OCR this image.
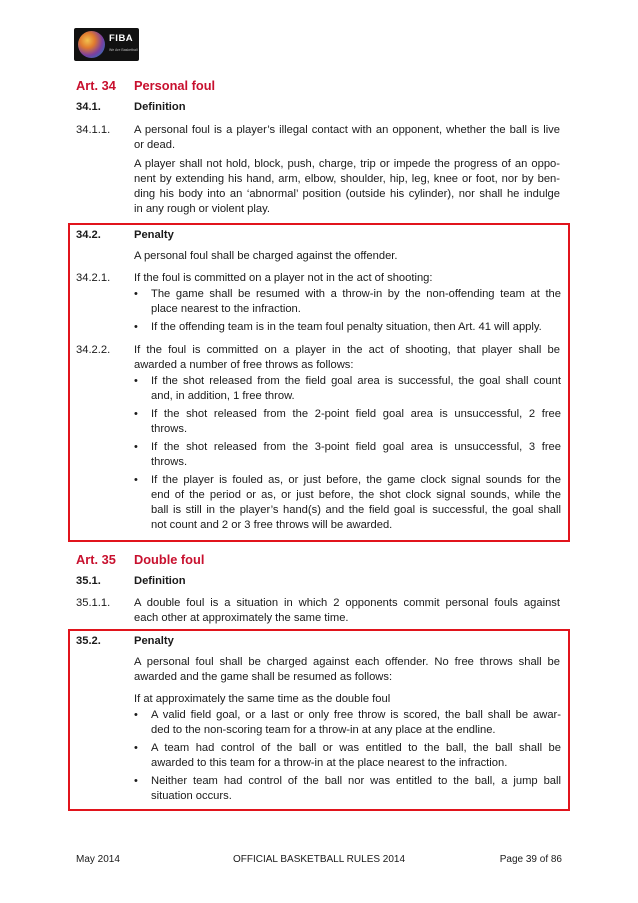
FIBA
We Are Basketball
Art. 34 Personal foul
34.1.	Definition
34.1.1. A personal foul is a player’s illegal contact with an opponent, whether the ball is live
or dead.
A player shall not hold, block, push, charge, trip or impede the progress of an oppo-
nent by extending his hand, arm, elbow, shoulder, hip, leg, knee or foot, nor by ben-
ding his body into an ‘abnormal’ position (outside his cylinder), nor shall he indulge
in any rough or violent play.
34.2.	Penalty
A personal foul shall be charged against the offender.
34.2.1. If the foul is committed on a player not in the act of shooting:
• The game shall be resumed with a throw-in by the non-offending team at the
place nearest to the infraction.
• If the offending team is in the team foul penalty situation, then Art. 41 will apply.
34.2.2. If the foul is committed on a player in the act of shooting, that player shall be
awarded a number of free throws as follows:
• If the shot released from the field goal area is successful, the goal shall count
and, in addition, 1 free throw.
• If the shot released from the 2-point field goal area is unsuccessful, 2 free
throws.
• If the shot released from the 3-point field goal area is unsuccessful, 3 free
throws.
• If the player is fouled as, or just before, the game clock signal sounds for the
end of the period or as, or just before, the shot clock signal sounds, while the
ball is still in the player’s hand(s) and the field goal is successful, the goal shall
not count and 2 or 3 free throws will be awarded.
Art. 35 Double foul
35.1.	Definition
35.1.1. A double foul is a situation in which 2 opponents commit personal fouls against
each other at approximately the same time.
35.2.	Penalty
A personal foul shall be charged against each offender. No free throws shall be
awarded and the game shall be resumed as follows:
If at approximately the same time as the double foul
• A valid field goal, or a last or only free throw is scored, the ball shall be awar-
ded to the non-scoring team for a throw-in at any place at the endline.
• A team had control of the ball or was entitled to the ball, the ball shall be
awarded to this team for a throw-in at the place nearest to the infraction.
• Neither team had control of the ball nor was entitled to the ball, a jump ball
situation occurs.
May 2014	OFFICIAL BASKETBALL RULES 2014	Page 39 of 86
